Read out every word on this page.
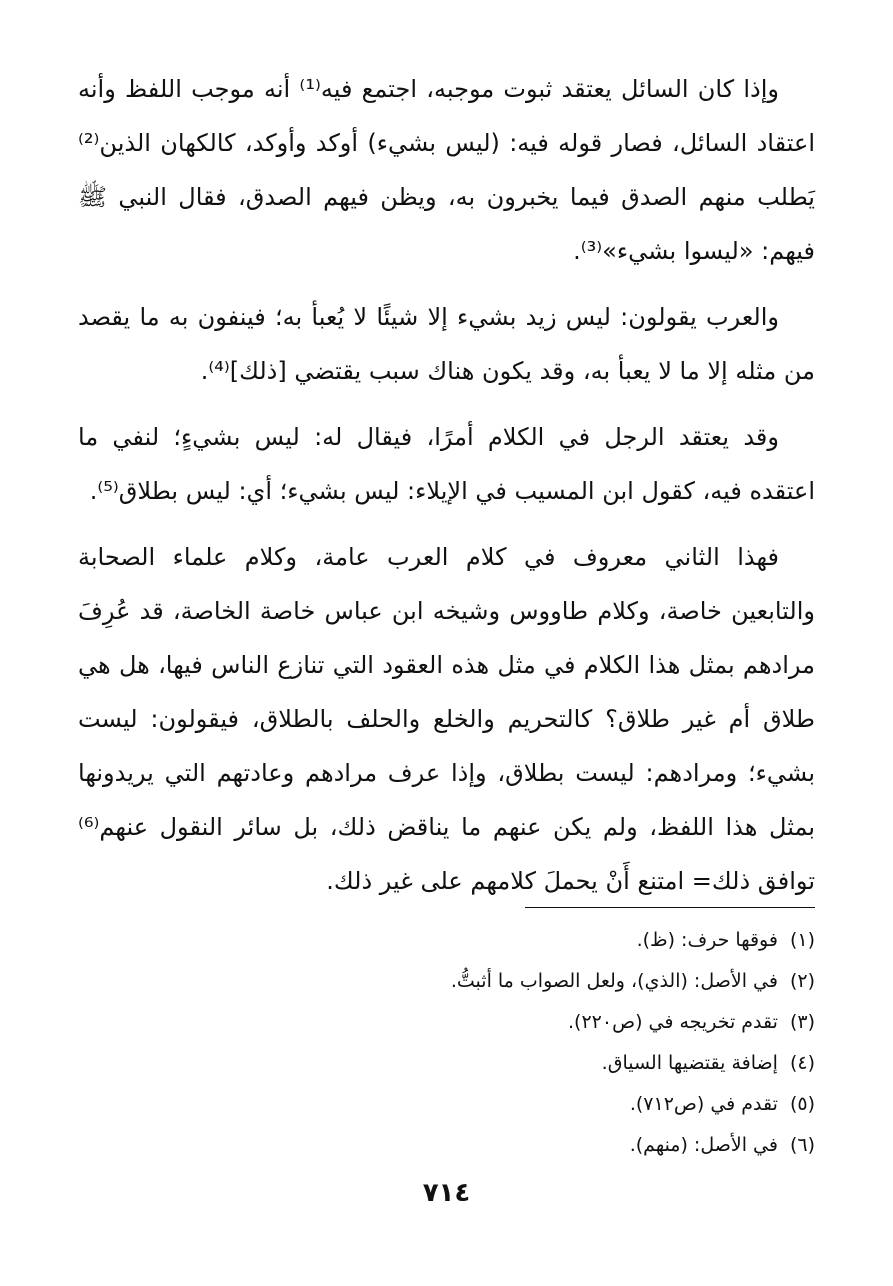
وإذا كان السائل يعتقد ثبوت موجبه، اجتمع فيه⁽¹⁾ أنه موجب اللفظ وأنه اعتقاد السائل، فصار قوله فيه: (ليس بشيء) أوكد وأوكد، كالكهان الذين⁽²⁾ يَطلب منهم الصدق فيما يخبرون به، ويظن فيهم الصدق، فقال النبي ﷺ فيهم: «ليسوا بشيء»⁽³⁾.

والعرب يقولون: ليس زيد بشيء إلا شيئًا لا يُعبأ به؛ فينفون به ما يقصد من مثله إلا ما لا يعبأ به، وقد يكون هناك سبب يقتضي [ذلك]⁽⁴⁾.

وقد يعتقد الرجل في الكلام أمرًا، فيقال له: ليس بشيءٍ؛ لنفي ما اعتقده فيه، كقول ابن المسيب في الإيلاء: ليس بشيء؛ أي: ليس بطلاق⁽⁵⁾.

فهذا الثاني معروف في كلام العرب عامة، وكلام علماء الصحابة والتابعين خاصة، وكلام طاووس وشيخه ابن عباس خاصة الخاصة، قد عُرِفَ مرادهم بمثل هذا الكلام في مثل هذه العقود التي تنازع الناس فيها، هل هي طلاق أم غير طلاق؟ كالتحريم والخلع والحلف بالطلاق، فيقولون: ليست بشيء؛ ومرادهم: ليست بطلاق، وإذا عرف مرادهم وعادتهم التي يريدونها بمثل هذا اللفظ، ولم يكن عنهم ما يناقض ذلك، بل سائر النقول عنهم⁽⁶⁾ توافق ذلك= امتنع أَنْ يحملَ كلامهم على غير ذلك.

(١)فوقها حرف: (ظ).
(٢)في الأصل: (الذي)، ولعل الصواب ما أثبتُّ.
(٣)تقدم تخريجه في (ص٢٢٠).
(٤)إضافة يقتضيها السياق.
(٥)تقدم في (ص٧١٢).
(٦)في الأصل: (منهم).
٧١٤
